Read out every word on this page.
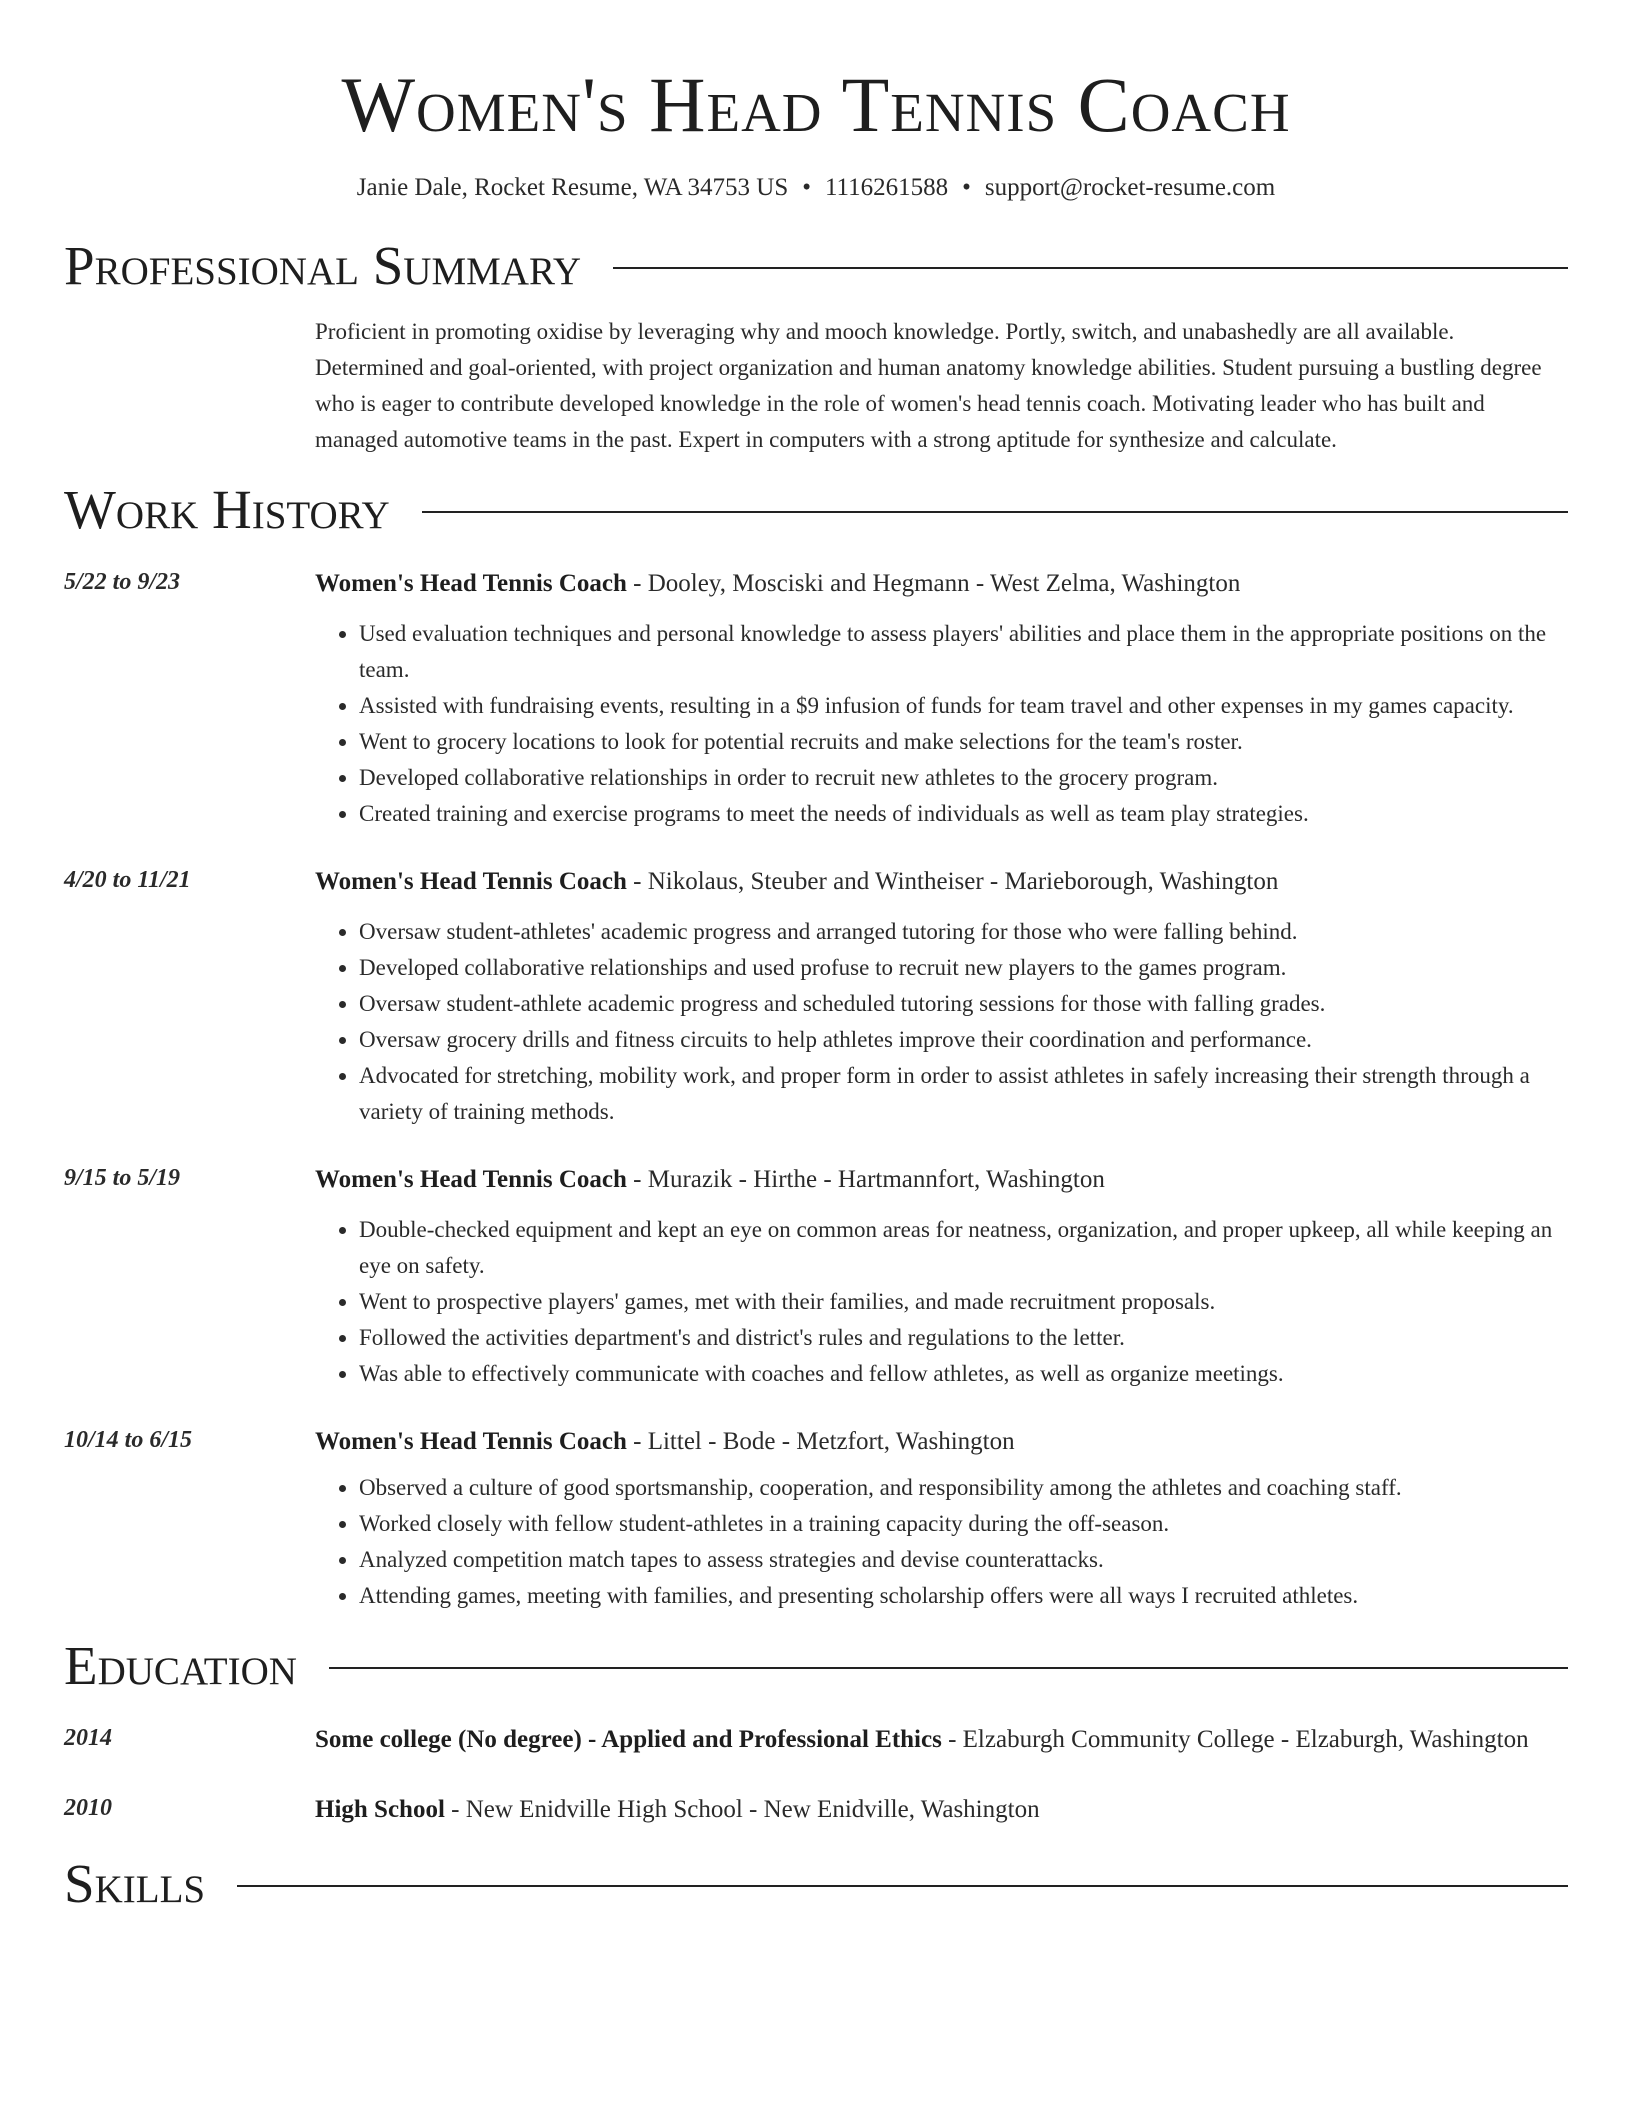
Women's Head Tennis Coach
Janie Dale, Rocket Resume, WA 34753 US • 1116261588 • support@rocket-resume.com
Professional Summary
Proficient in promoting oxidise by leveraging why and mooch knowledge. Portly, switch, and unabashedly are all available. Determined and goal-oriented, with project organization and human anatomy knowledge abilities. Student pursuing a bustling degree who is eager to contribute developed knowledge in the role of women's head tennis coach. Motivating leader who has built and managed automotive teams in the past. Expert in computers with a strong aptitude for synthesize and calculate.
Work History
5/22 to 9/23	Women's Head Tennis Coach - Dooley, Mosciski and Hegmann - West Zelma, Washington
• Used evaluation techniques and personal knowledge to assess players' abilities and place them in the appropriate positions on the team.
• Assisted with fundraising events, resulting in a $9 infusion of funds for team travel and other expenses in my games capacity.
• Went to grocery locations to look for potential recruits and make selections for the team's roster.
• Developed collaborative relationships in order to recruit new athletes to the grocery program.
• Created training and exercise programs to meet the needs of individuals as well as team play strategies.
4/20 to 11/21	Women's Head Tennis Coach - Nikolaus, Steuber and Wintheiser - Marieborough, Washington
• Oversaw student-athletes' academic progress and arranged tutoring for those who were falling behind.
• Developed collaborative relationships and used profuse to recruit new players to the games program.
• Oversaw student-athlete academic progress and scheduled tutoring sessions for those with falling grades.
• Oversaw grocery drills and fitness circuits to help athletes improve their coordination and performance.
• Advocated for stretching, mobility work, and proper form in order to assist athletes in safely increasing their strength through a variety of training methods.
9/15 to 5/19	Women's Head Tennis Coach - Murazik - Hirthe - Hartmannfort, Washington
• Double-checked equipment and kept an eye on common areas for neatness, organization, and proper upkeep, all while keeping an eye on safety.
• Went to prospective players' games, met with their families, and made recruitment proposals.
• Followed the activities department's and district's rules and regulations to the letter.
• Was able to effectively communicate with coaches and fellow athletes, as well as organize meetings.
10/14 to 6/15	Women's Head Tennis Coach - Littel - Bode - Metzfort, Washington
• Observed a culture of good sportsmanship, cooperation, and responsibility among the athletes and coaching staff.
• Worked closely with fellow student-athletes in a training capacity during the off-season.
• Analyzed competition match tapes to assess strategies and devise counterattacks.
• Attending games, meeting with families, and presenting scholarship offers were all ways I recruited athletes.
Education
2014	Some college (No degree) - Applied and Professional Ethics - Elzaburgh Community College - Elzaburgh, Washington
2010	High School - New Enidville High School - New Enidville, Washington
Skills
